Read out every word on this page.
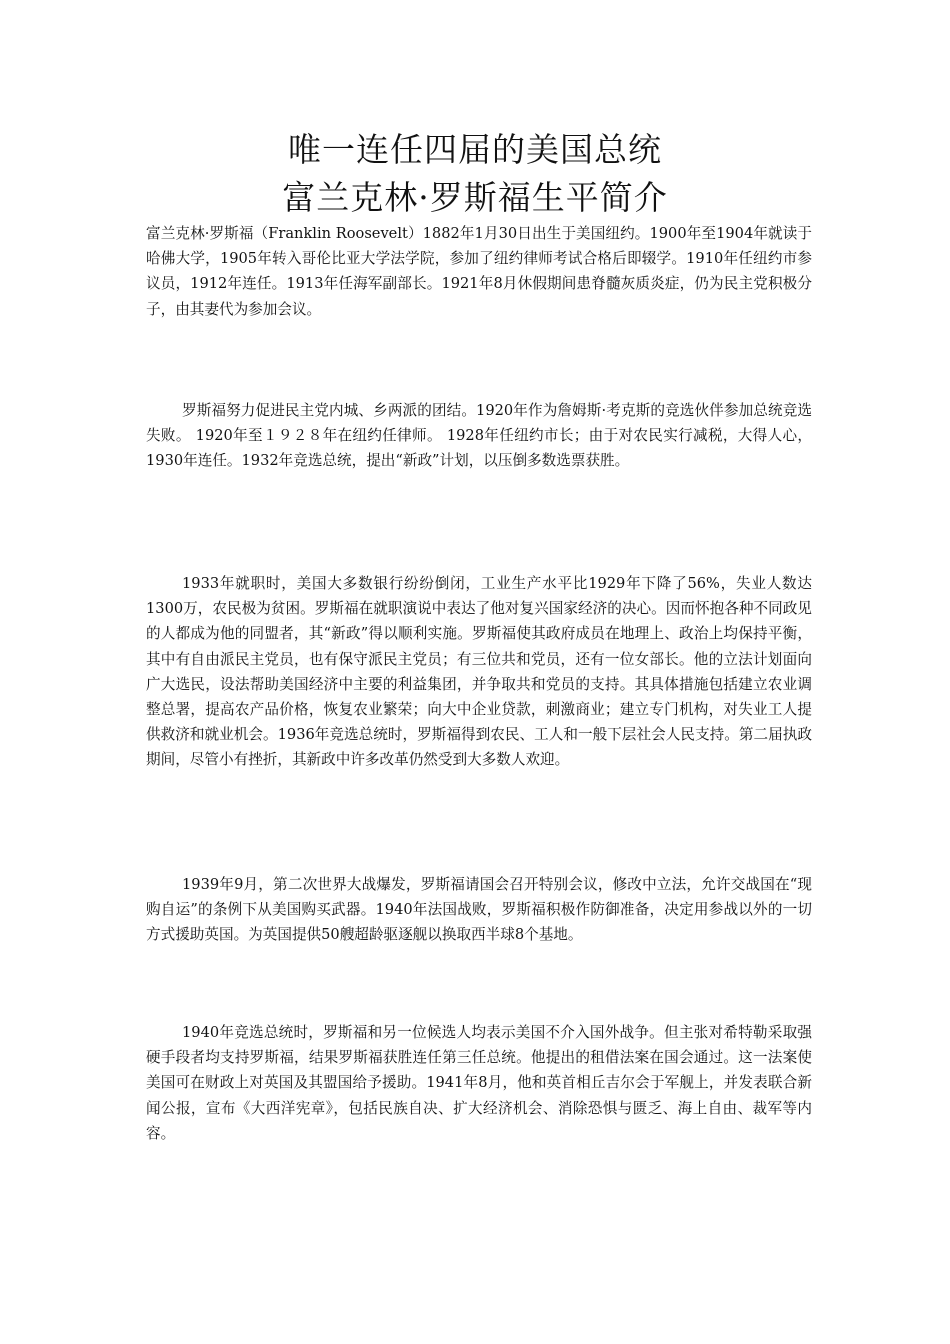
唯一连任四届的美国总统
富兰克林·罗斯福生平简介

富兰克林·罗斯福（Franklin Roosevelt）1882年1月30日出生于美国纽约。1900年至1904年就读于哈佛大学，1905年转入哥伦比亚大学法学院，参加了纽约律师考试合格后即辍学。1910年任纽约市参议员，1912年连任。1913年任海军副部长。1921年8月休假期间患脊髓灰质炎症，仍为民主党积极分子，由其妻代为参加会议。

罗斯福努力促进民主党内城、乡两派的团结。1920年作为詹姆斯·考克斯的竞选伙伴参加总统竞选失败。 1920年至１９２８年在纽约任律师。 1928年任纽约市长；由于对农民实行减税，大得人心，1930年连任。1932年竞选总统，提出“新政”计划，以压倒多数选票获胜。

1933年就职时，美国大多数银行纷纷倒闭，工业生产水平比1929年下降了56%，失业人数达1300万，农民极为贫困。罗斯福在就职演说中表达了他对复兴国家经济的决心。因而怀抱各种不同政见的人都成为他的同盟者，其“新政”得以顺利实施。罗斯福使其政府成员在地理上、政治上均保持平衡，其中有自由派民主党员，也有保守派民主党员；有三位共和党员，还有一位女部长。他的立法计划面向广大选民，设法帮助美国经济中主要的利益集团，并争取共和党员的支持。其具体措施包括建立农业调整总署，提高农产品价格，恢复农业繁荣；向大中企业贷款，刺激商业；建立专门机构，对失业工人提供救济和就业机会。1936年竞选总统时，罗斯福得到农民、工人和一般下层社会人民支持。第二届执政期间，尽管小有挫折，其新政中许多改革仍然受到大多数人欢迎。

1939年9月，第二次世界大战爆发，罗斯福请国会召开特别会议，修改中立法，允许交战国在“现购自运”的条例下从美国购买武器。1940年法国战败，罗斯福积极作防御准备，决定用参战以外的一切方式援助英国。为英国提供50艘超龄驱逐舰以换取西半球8个基地。

1940年竞选总统时，罗斯福和另一位候选人均表示美国不介入国外战争。但主张对希特勒采取强硬手段者均支持罗斯福，结果罗斯福获胜连任第三任总统。他提出的租借法案在国会通过。这一法案使美国可在财政上对英国及其盟国给予援助。1941年8月，他和英首相丘吉尔会于军舰上，并发表联合新闻公报，宣布《大西洋宪章》，包括民族自决、扩大经济机会、消除恐惧与匮乏、海上自由、裁军等内容。
